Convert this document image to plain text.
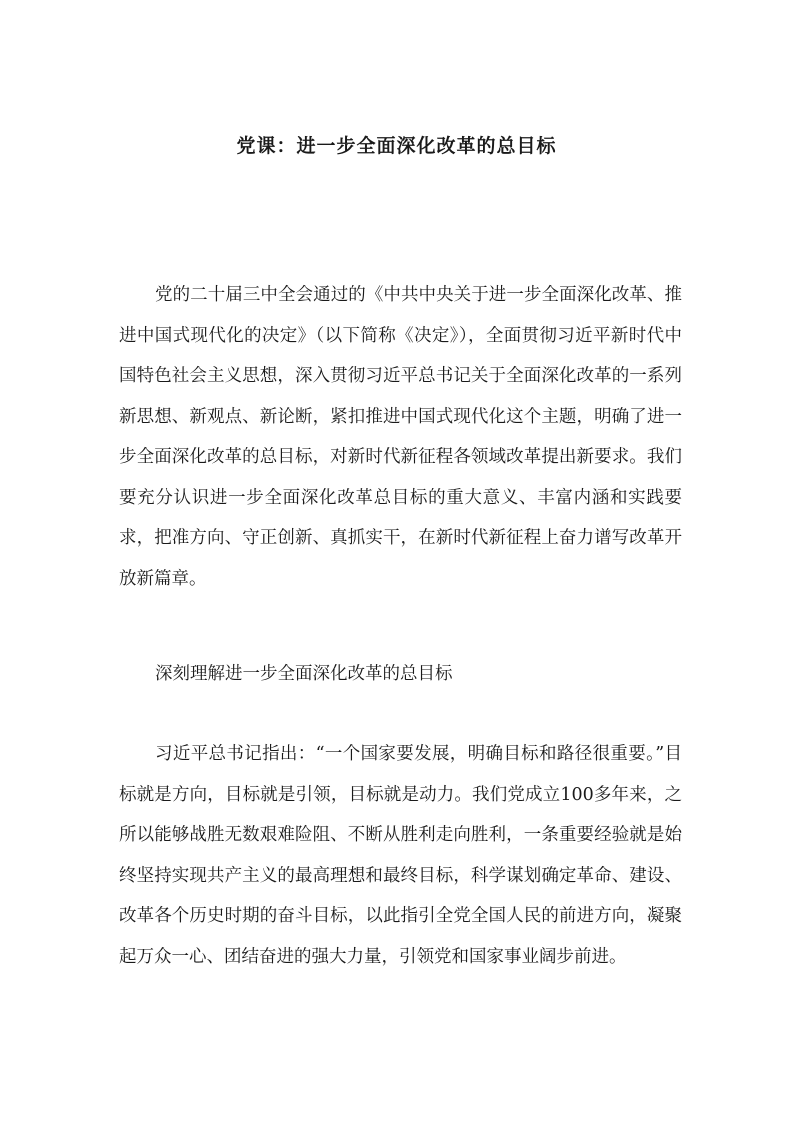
党课：进一步全面深化改革的总目标

党的二十届三中全会通过的《中共中央关于进一步全面深化改革、推进中国式现代化的决定》（以下简称《决定》），全面贯彻习近平新时代中国特色社会主义思想，深入贯彻习近平总书记关于全面深化改革的一系列新思想、新观点、新论断，紧扣推进中国式现代化这个主题，明确了进一步全面深化改革的总目标，对新时代新征程各领域改革提出新要求。我们要充分认识进一步全面深化改革总目标的重大意义、丰富内涵和实践要求，把准方向、守正创新、真抓实干，在新时代新征程上奋力谱写改革开放新篇章。

深刻理解进一步全面深化改革的总目标

习近平总书记指出：“一个国家要发展，明确目标和路径很重要。”目标就是方向，目标就是引领，目标就是动力。我们党成立100多年来，之所以能够战胜无数艰难险阻、不断从胜利走向胜利，一条重要经验就是始终坚持实现共产主义的最高理想和最终目标，科学谋划确定革命、建设、改革各个历史时期的奋斗目标，以此指引全党全国人民的前进方向，凝聚起万众一心、团结奋进的强大力量，引领党和国家事业阔步前进。
